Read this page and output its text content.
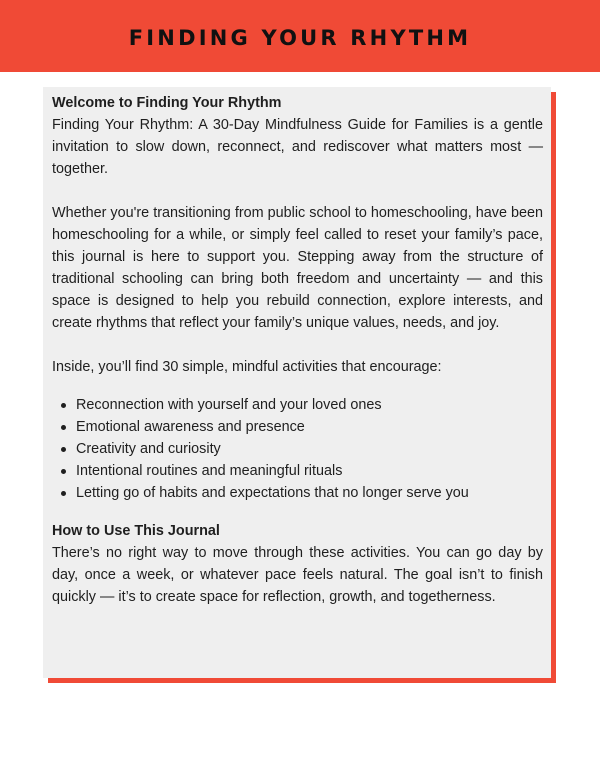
FINDING YOUR RHYTHM
Welcome to Finding Your Rhythm

Finding Your Rhythm: A 30-Day Mindfulness Guide for Families is a gentle invitation to slow down, reconnect, and rediscover what matters most — together.

Whether you're transitioning from public school to homeschooling, have been homeschooling for a while, or simply feel called to reset your family’s pace, this journal is here to support you. Stepping away from the structure of traditional schooling can bring both freedom and uncertainty — and this space is designed to help you rebuild connection, explore interests, and create rhythms that reflect your family’s unique values, needs, and joy.

Inside, you’ll find 30 simple, mindful activities that encourage:

Reconnection with yourself and your loved ones
Emotional awareness and presence
Creativity and curiosity
Intentional routines and meaningful rituals
Letting go of habits and expectations that no longer serve you
How to Use This Journal

There’s no right way to move through these activities. You can go day by day, once a week, or whatever pace feels natural. The goal isn’t to finish quickly — it’s to create space for reflection, growth, and togetherness.
